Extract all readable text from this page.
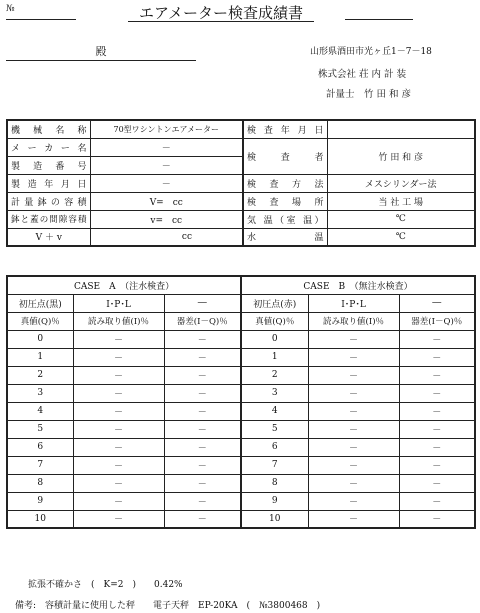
№	エアメーター検査成績書
殿	山形県酒田市光ヶ丘1－7－18
株式会社 荘 内 計 装
計量士　竹 田 和 彦
機 械 名 称	70型ワシントンエアメーター	検 査 年 月 日	
メ ー カ ー 名	－	検 査 者	竹 田 和 彦
製 造 番 号	－		
製 造 年 月 日	－	検 査 方 法	メスシリンダー法
計量鉢の容積	V=　cc	検 査 場 所	当 社 工 場
鉢と蓋の間隙容積	v=　cc	気 温（室 温）	℃
V ＋ v	cc	水 温	℃
CASE　A　（注水検査）			CASE　B　（無注水検査）		
初圧点(黒)	I･P･L	―	初圧点(赤)	I･P･L	―
真値(Q)％	読み取り値(I)％	器差(I－Q)％	真値(Q)％	読み取り値(I)％	器差(I－Q)％
0	－	－	0	－	－
1	－	－	1	－	－
2	－	－	2	－	－
3	－	－	3	－	－
4	－	－	4	－	－
5	－	－	5	－	－
6	－	－	6	－	－
7	－	－	7	－	－
8	－	－	8	－	－
9	－	－	9	－	－
10	－	－	10	－	－
拡張不確かさ　(　K=2　)　　0.42%
備考:　容積計量に使用した秤　　電子天秤　EP-20KA　(　№3800468　)
